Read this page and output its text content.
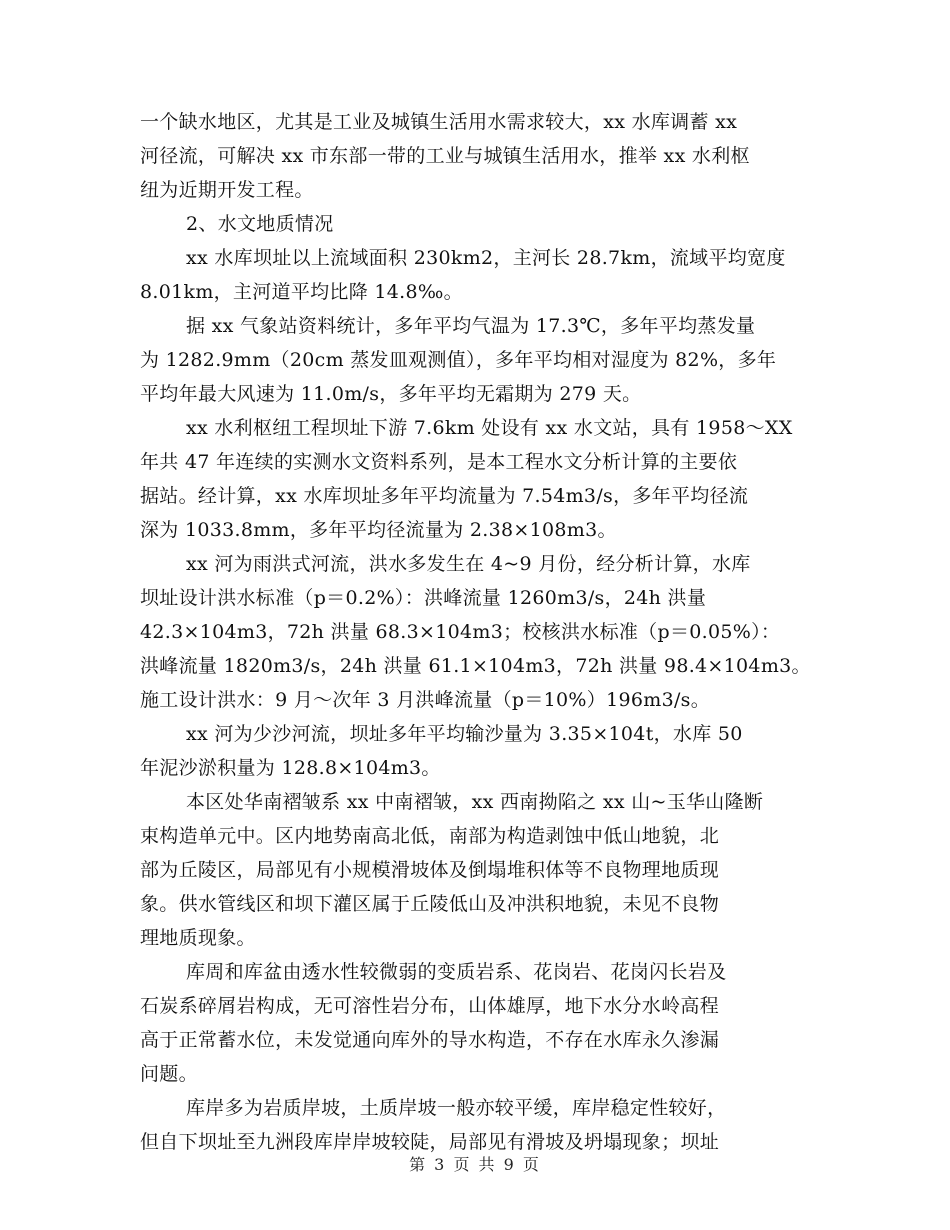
一个缺水地区，尤其是工业及城镇生活用水需求较大，xx 水库调蓄 xx
河径流，可解决 xx 市东部一带的工业与城镇生活用水，推举 xx 水利枢
纽为近期开发工程。
2、水文地质情况
xx 水库坝址以上流域面积 230km2，主河长 28.7km，流域平均宽度
8.01km，主河道平均比降 14.8‰。
据 xx 气象站资料统计，多年平均气温为 17.3℃，多年平均蒸发量
为 1282.9mm（20cm 蒸发皿观测值），多年平均相对湿度为 82%，多年
平均年最大风速为 11.0m/s，多年平均无霜期为 279 天。
xx 水利枢纽工程坝址下游 7.6km 处设有 xx 水文站，具有 1958～XX
年共 47 年连续的实测水文资料系列，是本工程水文分析计算的主要依
据站。经计算，xx 水库坝址多年平均流量为 7.54m3/s，多年平均径流
深为 1033.8mm，多年平均径流量为 2.38×108m3。
xx 河为雨洪式河流，洪水多发生在 4~9 月份，经分析计算，水库
坝址设计洪水标准（p＝0.2%）：洪峰流量 1260m3/s，24h 洪量
42.3×104m3，72h 洪量 68.3×104m3；校核洪水标准（p＝0.05%）：
洪峰流量 1820m3/s，24h 洪量 61.1×104m3，72h 洪量 98.4×104m3。
施工设计洪水：9 月～次年 3 月洪峰流量（p＝10%）196m3/s。
xx 河为少沙河流，坝址多年平均输沙量为 3.35×104t，水库 50
年泥沙淤积量为 128.8×104m3。
本区处华南褶皱系 xx 中南褶皱，xx 西南拗陷之 xx 山~玉华山隆断
束构造单元中。区内地势南高北低，南部为构造剥蚀中低山地貌，北
部为丘陵区，局部见有小规模滑坡体及倒塌堆积体等不良物理地质现
象。供水管线区和坝下灌区属于丘陵低山及冲洪积地貌，未见不良物
理地质现象。
库周和库盆由透水性较微弱的变质岩系、花岗岩、花岗闪长岩及
石炭系碎屑岩构成，无可溶性岩分布，山体雄厚，地下水分水岭高程
高于正常蓄水位，未发觉通向库外的导水构造，不存在水库永久渗漏
问题。
库岸多为岩质岸坡，土质岸坡一般亦较平缓，库岸稳定性较好，
但自下坝址至九洲段库岸岸坡较陡，局部见有滑坡及坍塌现象；坝址
第 3 页 共 9 页
